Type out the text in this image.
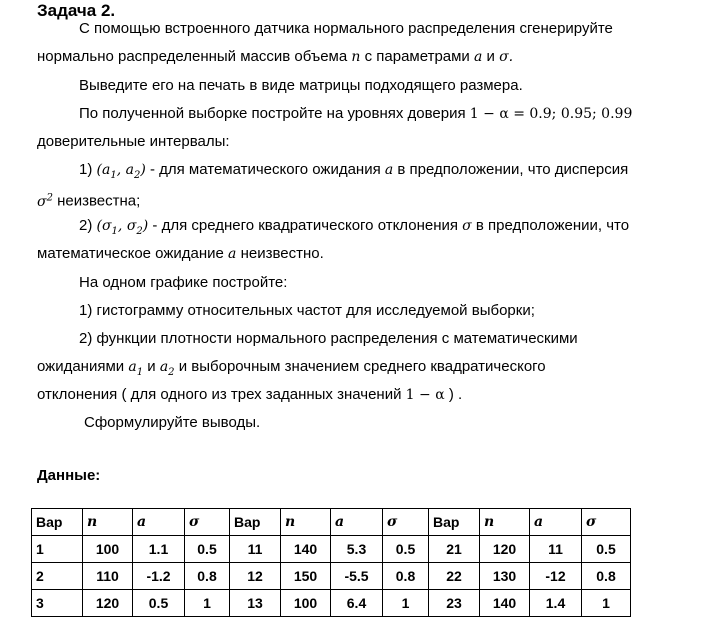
Задача 2.
С помощью встроенного датчика нормального распределения сгенерируйте
нормально распределенный массив объема n с параметрами a и σ.
Выведите его на печать в виде матрицы подходящего размера.
По полученной выборке постройте на уровнях доверия 1 − α = 0.9; 0.95; 0.99
доверительные интервалы:
1) ($a_1$, $a_2$) - для математического ожидания a в предположении, что дисперсия
$\sigma^2$ неизвестна;
2) ($\sigma_1$, $\sigma_2$) - для среднего квадратического отклонения σ в предположении, что
математическое ожидание a неизвестно.
На одном графике постройте:
1) гистограмму относительных частот для исследуемой выборки;
2) функции плотности нормального распределения с математическими
ожиданиями $a_1$ и $a_2$ и выборочным значением среднего квадратического
отклонения ( для одного из трех заданных значений 1 − α ) .
Сформулируйте выводы.
Данные:
Вар	n	a	σ	Вар	n	a	σ	Вар	n	a	σ
1	100	1.1	0.5	11	140	5.3	0.5	21	120	11	0.5
2	110	-1.2	0.8	12	150	-5.5	0.8	22	130	-12	0.8
3	120	0.5	1	13	100	6.4	1	23	140	1.4	1
